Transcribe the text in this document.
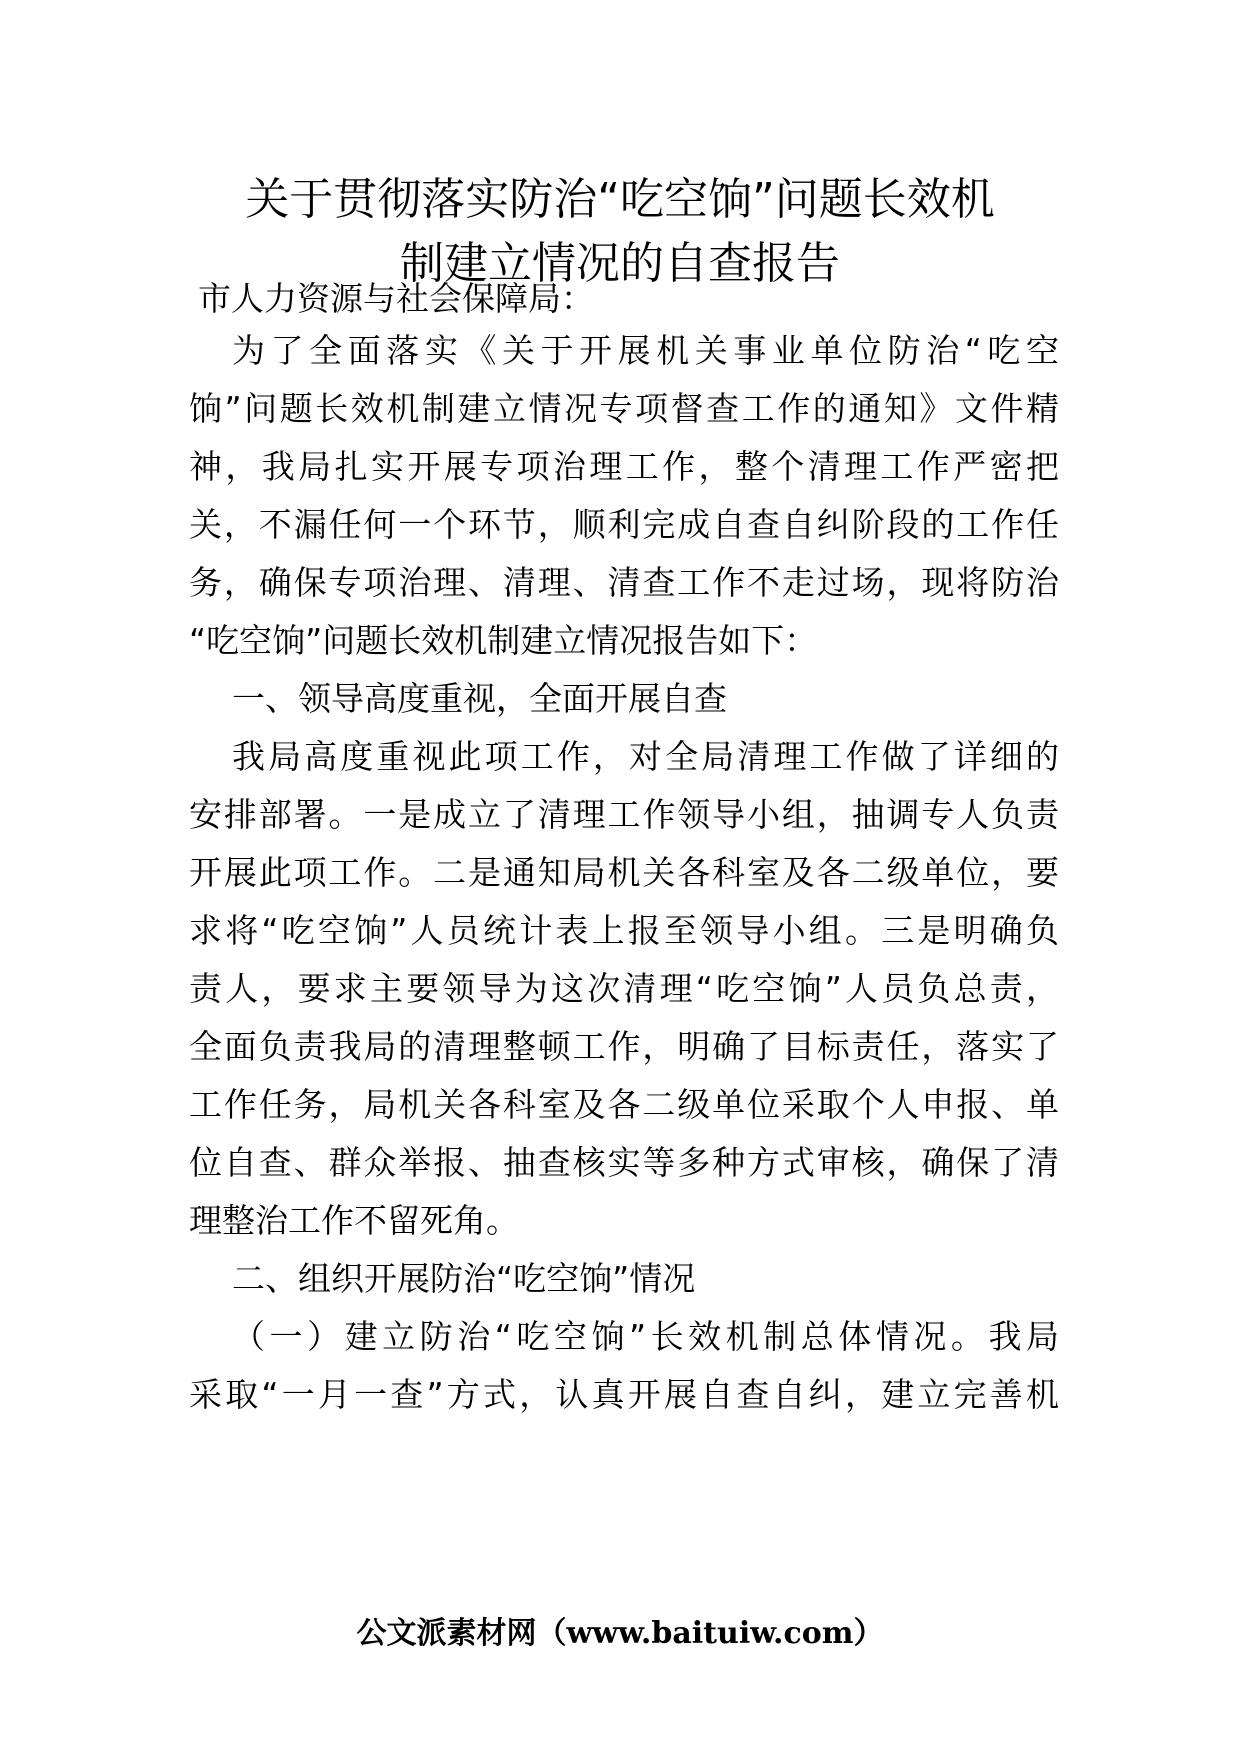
关于贯彻落实防治“吃空饷”问题长效机
制建立情况的自查报告
市人力资源与社会保障局：
为了全面落实《关于开展机关事业单位防治“吃空
饷”问题长效机制建立情况专项督查工作的通知》文件精
神，我局扎实开展专项治理工作，整个清理工作严密把
关，不漏任何一个环节，顺利完成自查自纠阶段的工作任
务，确保专项治理、清理、清查工作不走过场，现将防治
“吃空饷”问题长效机制建立情况报告如下：
一、领导高度重视，全面开展自查
我局高度重视此项工作，对全局清理工作做了详细的
安排部署。一是成立了清理工作领导小组，抽调专人负责
开展此项工作。二是通知局机关各科室及各二级单位，要
求将“吃空饷”人员统计表上报至领导小组。三是明确负
责人，要求主要领导为这次清理“吃空饷”人员负总责，
全面负责我局的清理整顿工作，明确了目标责任，落实了
工作任务，局机关各科室及各二级单位采取个人申报、单
位自查、群众举报、抽查核实等多种方式审核，确保了清
理整治工作不留死角。
二、组织开展防治“吃空饷”情况
（一）建立防治“吃空饷”长效机制总体情况。我局
采取“一月一查”方式，认真开展自查自纠，建立完善机
公文派素材网（www.baituiw.com）
